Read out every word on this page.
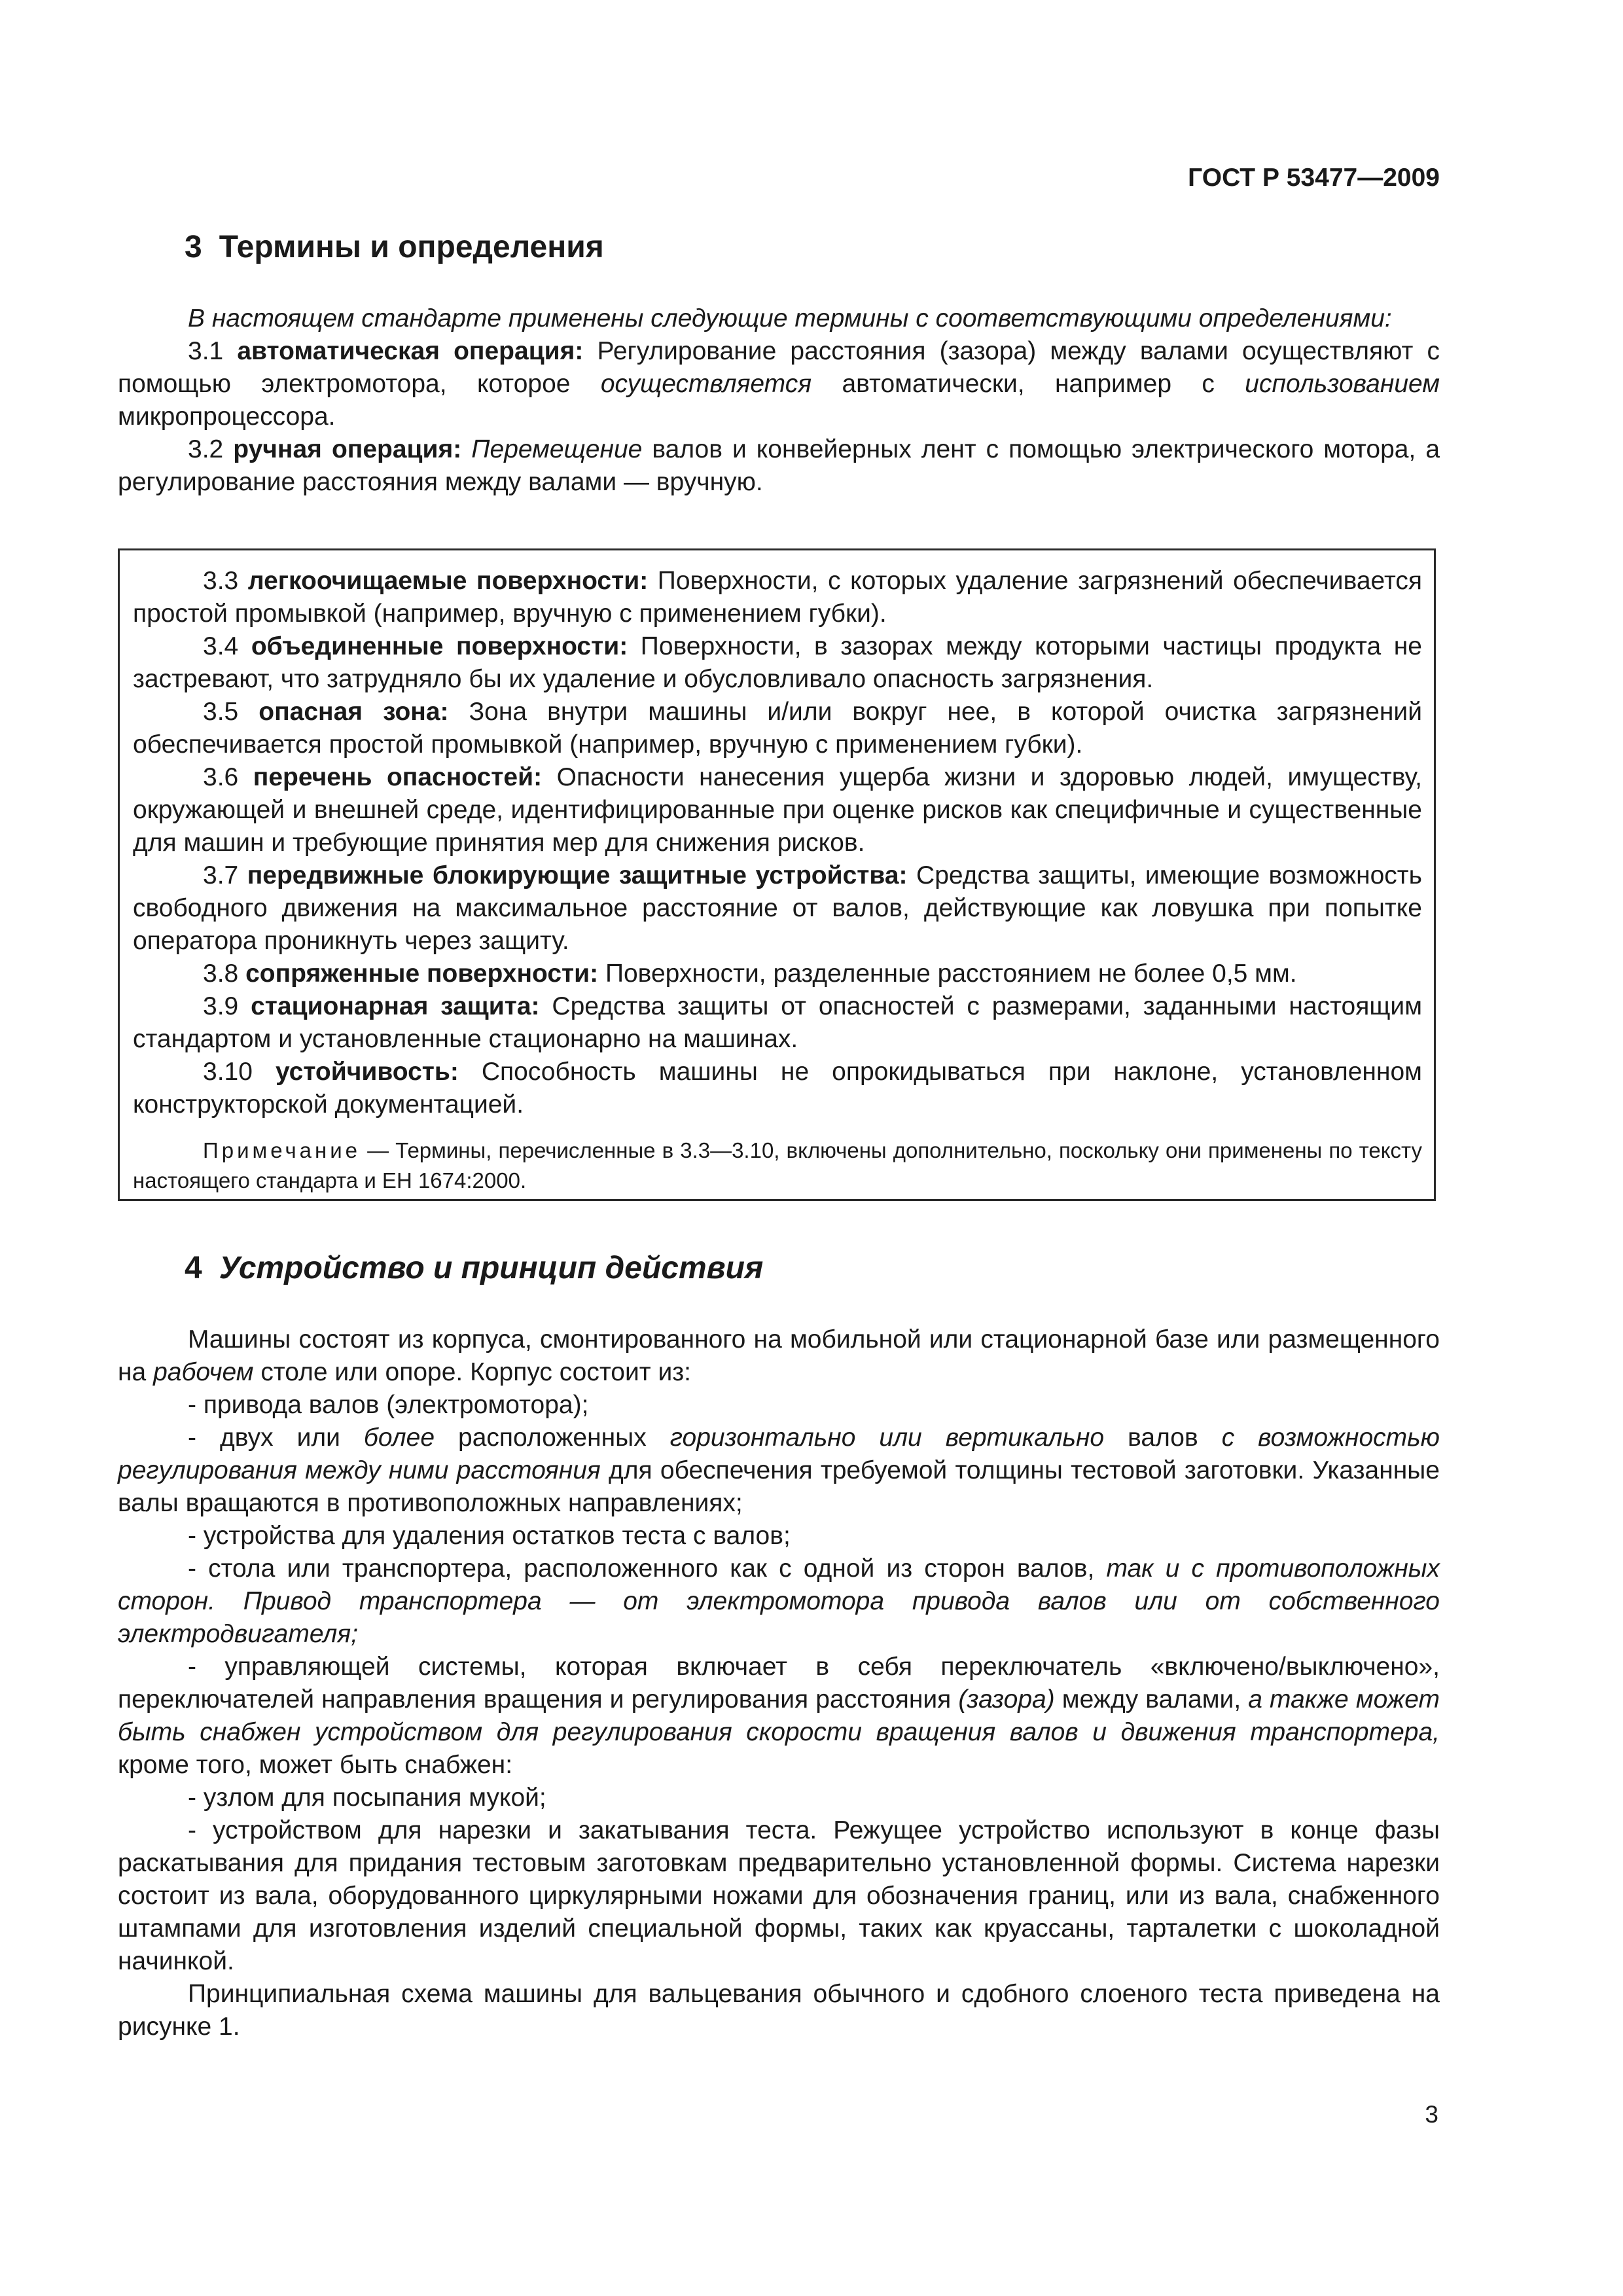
ГОСТ Р 53477—2009
3 Термины и определения

В настоящем стандарте применены следующие термины с соответствующими определениями:

3.1 автоматическая операция: Регулирование расстояния (зазора) между валами осуществляют с помощью электромотора, которое осуществляется автоматически, например с использованием микропроцессора.

3.2 ручная операция: Перемещение валов и конвейерных лент с помощью электрического мотора, а регулирование расстояния между валами — вручную.

3.3 легкоочищаемые поверхности: Поверхности, с которых удаление загрязнений обеспечивается простой промывкой (например, вручную с применением губки).

3.4 объединенные поверхности: Поверхности, в зазорах между которыми частицы продукта не застревают, что затрудняло бы их удаление и обусловливало опасность загрязнения.

3.5 опасная зона: Зона внутри машины и/или вокруг нее, в которой очистка загрязнений обеспечивается простой промывкой (например, вручную с применением губки).

3.6 перечень опасностей: Опасности нанесения ущерба жизни и здоровью людей, имуществу, окружающей и внешней среде, идентифицированные при оценке рисков как специфичные и существенные для машин и требующие принятия мер для снижения рисков.

3.7 передвижные блокирующие защитные устройства: Средства защиты, имеющие возможность свободного движения на максимальное расстояние от валов, действующие как ловушка при попытке оператора проникнуть через защиту.

3.8 сопряженные поверхности: Поверхности, разделенные расстоянием не более 0,5 мм.

3.9 стационарная защита: Средства защиты от опасностей с размерами, заданными настоящим стандартом и установленные стационарно на машинах.

3.10 устойчивость: Способность машины не опрокидываться при наклоне, установленном конструкторской документацией.

Примечание — Термины, перечисленные в 3.3—3.10, включены дополнительно, поскольку они применены по тексту настоящего стандарта и ЕН 1674:2000.

4 Устройство и принцип действия

Машины состоят из корпуса, смонтированного на мобильной или стационарной базе или размещенного на рабочем столе или опоре. Корпус состоит из:

- привода валов (электромотора);

- двух или более расположенных горизонтально или вертикально валов с возможностью регулирования между ними расстояния для обеспечения требуемой толщины тестовой заготовки. Указанные валы вращаются в противоположных направлениях;

- устройства для удаления остатков теста с валов;

- стола или транспортера, расположенного как с одной из сторон валов, так и с противоположных сторон. Привод транспортера — от электромотора привода валов или от собственного электродвигателя;

- управляющей системы, которая включает в себя переключатель «включено/выключено», переключателей направления вращения и регулирования расстояния (зазора) между валами, а также может быть снабжен устройством для регулирования скорости вращения валов и движения транспортера, кроме того, может быть снабжен:

- узлом для посыпания мукой;

- устройством для нарезки и закатывания теста. Режущее устройство используют в конце фазы раскатывания для придания тестовым заготовкам предварительно установленной формы. Система нарезки состоит из вала, оборудованного циркулярными ножами для обозначения границ, или из вала, снабженного штампами для изготовления изделий специальной формы, таких как круассаны, тарталетки с шоколадной начинкой.

Принципиальная схема машины для вальцевания обычного и сдобного слоеного теста приведена на рисунке 1.

3
